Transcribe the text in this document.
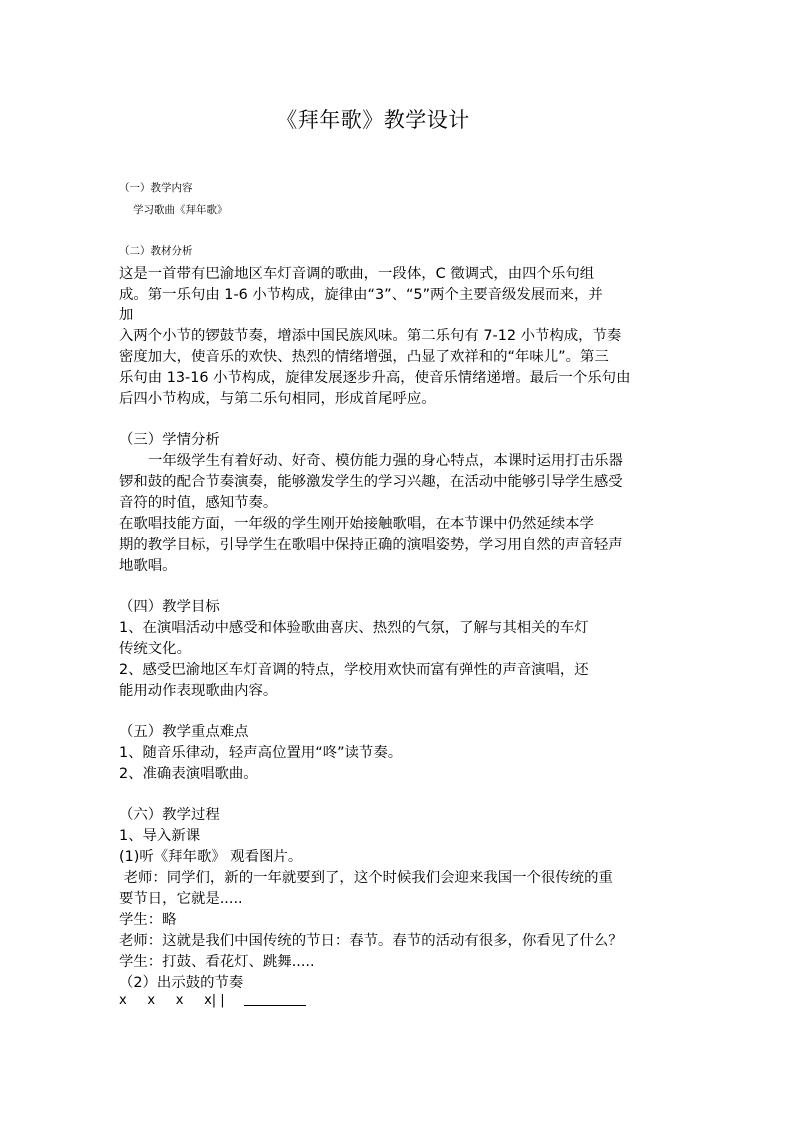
《拜年歌》教学设计
（一）教学内容
学习歌曲《拜年歌》
（二）教材分析
这是一首带有巴渝地区车灯音调的歌曲，一段体，C 徵调式，由四个乐句组
成。第一乐句由 1-6 小节构成，旋律由“3”、“5”两个主要音级发展而来，并
加
入两个小节的锣鼓节奏，增添中国民族风味。第二乐句有 7-12 小节构成，节奏
密度加大，使音乐的欢快、热烈的情绪增强，凸显了欢祥和的“年味儿”。第三
乐句由 13-16 小节构成，旋律发展逐步升高，使音乐情绪递增。最后一个乐句由
后四小节构成，与第二乐句相同，形成首尾呼应。
（三）学情分析
一年级学生有着好动、好奇、模仿能力强的身心特点，本课时运用打击乐器
锣和鼓的配合节奏演奏，能够激发学生的学习兴趣，在活动中能够引导学生感受
音符的时值，感知节奏。
在歌唱技能方面，一年级的学生刚开始接触歌唱，在本节课中仍然延续本学
期的教学目标，引导学生在歌唱中保持正确的演唱姿势，学习用自然的声音轻声
地歌唱。
（四）教学目标
1、在演唱活动中感受和体验歌曲喜庆、热烈的气氛，了解与其相关的车灯
传统文化。
2、感受巴渝地区车灯音调的特点，学校用欢快而富有弹性的声音演唱，还
能用动作表现歌曲内容。
（五）教学重点难点
1、随音乐律动，轻声高位置用“咚”读节奏。
2、准确表演唱歌曲。
（六）教学过程
1、导入新课
(1)听《拜年歌》 观看图片。
老师：同学们，新的一年就要到了，这个时候我们会迎来我国一个很传统的重
要节日，它就是.....
学生：略
老师：这就是我们中国传统的节日：春节。春节的活动有很多，你看见了什么？
学生：打鼓、看花灯、跳舞.....
（2）出示鼓的节奏
x     x     x     x| |
